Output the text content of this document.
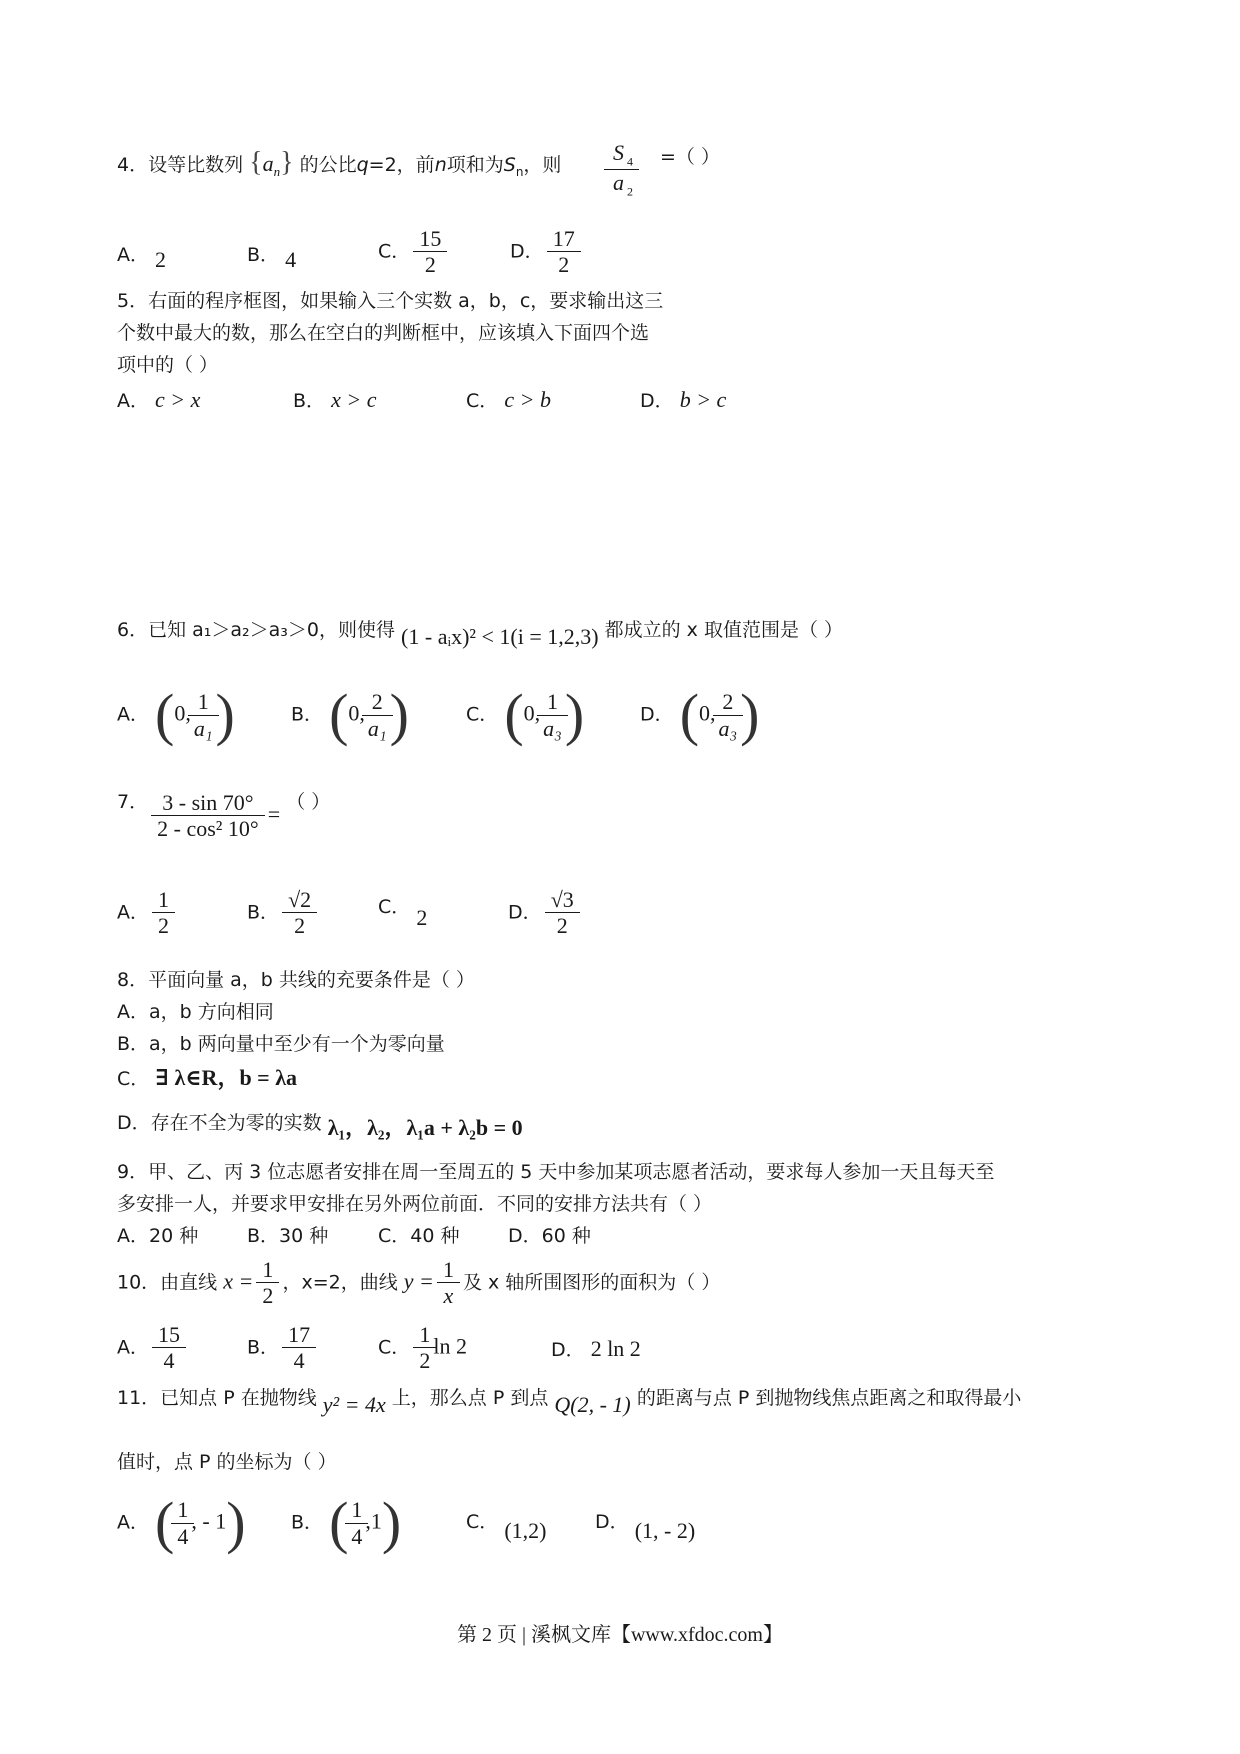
4．设等比数列 $\{a_n\}$ 的公比q=2，前n项和为$S_n$，则 $\frac{S _4}{a _2}$ =（ ）
A． 2	B． 4	C． $\frac{15}{2}$	D． $\frac{17}{2}$
5．右面的程序框图，如果输入三个实数 a，b，c，要求输出这三
个数中最大的数，那么在空白的判断框中，应该填入下面四个选
项中的（ ）
A． c > x	B． x > c	C． c > b	D． b > c
6．已知 a₁＞a₂＞a₃＞0，则使得 (1 - aᵢx)² < 1(i = 1,2,3) 都成立的 x 取值范围是（ ）
A． (0, $\frac{1}{\text{a₁}}$ )	B． (0, $\frac{2}{\text{a₁}}$ )	C． (0, $\frac{1}{\text{a₃}}$ )	D． (0, $\frac{2}{\text{a₃}}$ )
7． $\frac{3 - \sin 70^\circ}{\text{2 - cos² 10°}}$ = （ ）
A． $\frac{1}{2}$	B． $\frac{√2}{2}$	C． 2	D． $\frac{√3}{2}$
8．平面向量 a，b 共线的充要条件是（ ）
A．a，b 方向相同
B．a，b 两向量中至少有一个为零向量
C． ∃ λ∈R，b = λa
D．存在不全为零的实数 λ₁，λ₂，λ₁a + λ₂b = 0
9．甲、乙、丙 3 位志愿者安排在周一至周五的 5 天中参加某项志愿者活动，要求每人参加一天且每天至
多安排一人，并要求甲安排在另外两位前面．不同的安排方法共有（ ）
A．20 种	B．30 种	C．40 种	D．60 种
10．由直线 $x = \frac{1}{2}$ ，x=2，曲线 $y = \frac{1}{x}$ 及 x 轴所围图形的面积为（ ）
A． $\frac{15}{4}$	B． $\frac{17}{4}$	C． $\frac{1}{2}$ ln 2	D． 2 ln 2
11．已知点 P 在抛物线 y² = 4x 上，那么点 P 到点 Q(2, - 1) 的距离与点 P 到抛物线焦点距离之和取得最小
值时，点 P 的坐标为（ ）
A． ( $\frac{1}{4}$ , - 1) B． ( $\frac{1}{4} ,1$)	C． (1,2)	D． (1, - 2)
第 2 页 | 溪枫文库【www.xfdoc.com】
